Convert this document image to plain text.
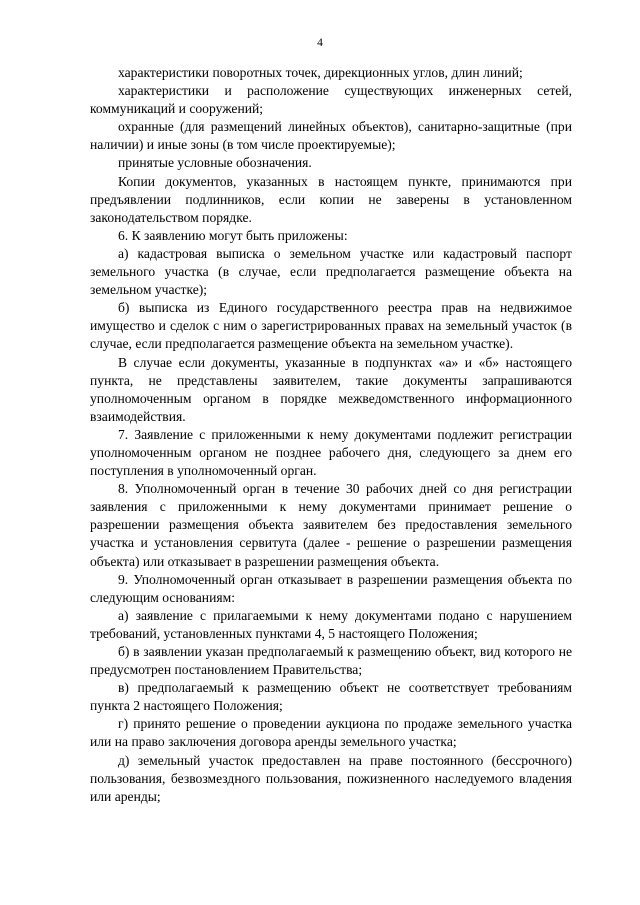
4

характеристики поворотных точек, дирекционных углов, длин линий;

характеристики и расположение существующих инженерных сетей, коммуникаций и сооружений;

охранные (для размещений линейных объектов), санитарно-защитные (при наличии) и иные зоны (в том числе проектируемые);

принятые условные обозначения.

Копии документов, указанных в настоящем пункте, принимаются при предъявлении подлинников, если копии не заверены в установленном законодательством порядке.

6. К заявлению могут быть приложены:

а) кадастровая выписка о земельном участке или кадастровый паспорт земельного участка (в случае, если предполагается размещение объекта на земельном участке);

б) выписка из Единого государственного реестра прав на недвижимое имущество и сделок с ним о зарегистрированных правах на земельный участок (в случае, если предполагается размещение объекта на земельном участке).

В случае если документы, указанные в подпунктах «а» и «б» настоящего пункта, не представлены заявителем, такие документы запрашиваются уполномоченным органом в порядке межведомственного информационного взаимодействия.

7. Заявление с приложенными к нему документами подлежит регистрации уполномоченным органом не позднее рабочего дня, следующего за днем его поступления в уполномоченный орган.

8. Уполномоченный орган в течение 30 рабочих дней со дня регистрации заявления с приложенными к нему документами принимает решение о разрешении размещения объекта заявителем без предоставления земельного участка и установления сервитута (далее - решение о разрешении размещения объекта) или отказывает в разрешении размещения объекта.

9. Уполномоченный орган отказывает в разрешении размещения объекта по следующим основаниям:

а) заявление с прилагаемыми к нему документами подано с нарушением требований, установленных пунктами 4, 5 настоящего Положения;

б) в заявлении указан предполагаемый к размещению объект, вид которого не предусмотрен постановлением Правительства;

в) предполагаемый к размещению объект не соответствует требованиям пункта 2 настоящего Положения;

г) принято решение о проведении аукциона по продаже земельного участка или на право заключения договора аренды земельного участка;

д) земельный участок предоставлен на праве постоянного (бессрочного) пользования, безвозмездного пользования, пожизненного наследуемого владения или аренды;
